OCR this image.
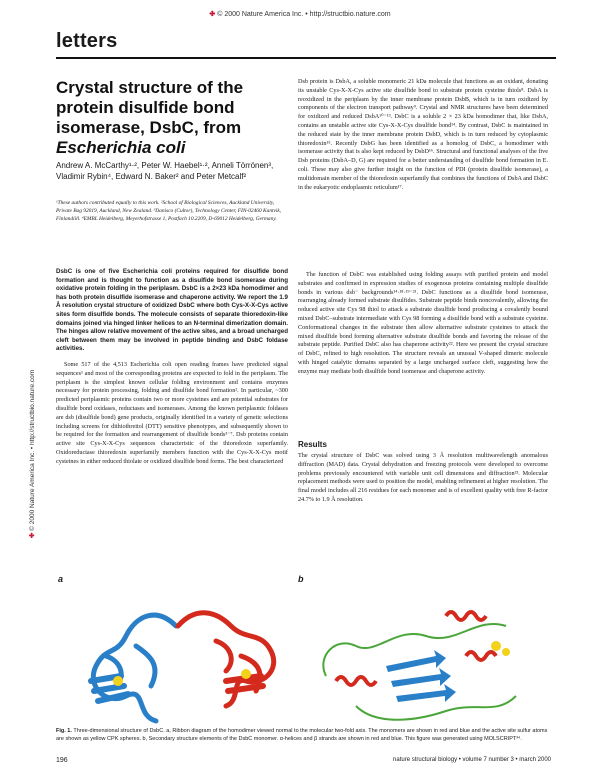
✤ © 2000 Nature America Inc. • http://structbio.nature.com
letters
✤ © 2000 Nature America Inc. • http://structbio.nature.com
Crystal structure of the protein disulfide bond isomerase, DsbC, from Escherichia coli
Andrew A. McCarthy¹·², Peter W. Haebel¹·², Anneli Törrönen³, Vladimir Rybin⁴, Edward N. Baker² and Peter Metcalf²
¹These authors contributed equally to this work. ²School of Biological Sciences, Auckland University, Private Bag 92019, Auckland, New Zealand. ³Danisco (Cultor), Technology Center, FIN-02460 Kantvik, Finlandiill. ⁴EMBL Heidelberg, Meyerhofstrasse 1, Postfach 10.2209, D-69012 Heidelberg, Germany.
DsbC is one of five Escherichia coli proteins required for disulfide bond formation and is thought to function as a disulfide bond isomerase during oxidative protein folding in the periplasm. DsbC is a 2×23 kDa homodimer and has both protein disulfide isomerase and chaperone activity. We report the 1.9 Å resolution crystal structure of oxidized DsbC where both Cys-X-X-Cys active sites form disulfide bonds. The molecule consists of separate thioredoxin-like domains joined via hinged linker helices to an N-terminal dimerization domain. The hinges allow relative movement of the active sites, and a broad uncharged cleft between them may be involved in peptide binding and DsbC foldase activities.
Some 517 of the 4,513 Escherichia coli open reading frames have predicted signal sequences¹ and most of the corresponding proteins are expected to fold in the periplasm. The periplasm is the simplest known cellular folding environment and contains enzymes necessary for protein processing, folding and disulfide bond formation². In particular, ~300 predicted periplasmic proteins contain two or more cysteines and are potential substrates for disulfide bond oxidases, reductases and isomerases. Among the known periplasmic foldases are dsb (disulfide bond) gene products, originally identified in a variety of genetic selections including screens for dithiothreitol (DTT) sensitive phenotypes, and subsequently shown to be required for the formation and rearrangement of disulfide bonds³⁻⁷. Dsb proteins contain active site Cys-X-X-Cys sequences characteristic of the thioredoxin superfamily. Oxidoreductase thioredoxin superfamily members function with the Cys-X-X-Cys motif cysteines in either reduced thiolate or oxidized disulfide bond forms. The best characterized
Dsb protein is DsbA, a soluble monomeric 21 kDa molecule that functions as an oxidant, donating its unstable Cys-X-X-Cys active site disulfide bond to substrate protein cysteine thiols⁸. DsbA is reoxidized in the periplasm by the inner membrane protein DsbB, which is in turn oxidized by components of the electron transport pathway⁹. Crystal and NMR structures have been determined for oxidized and reduced DsbA¹⁰⁻¹³. DsbC is a soluble 2 × 23 kDa homodimer that, like DsbA, contains an unstable active site Cys-X-X-Cys disulfide bond¹⁴. By contrast, DsbC is maintained in the reduced state by the inner membrane protein DsbD, which is in turn reduced by cytoplasmic thioredoxin¹⁵. Recently DsbG has been identified as a homolog of DsbC, a homodimer with isomerase activity that is also kept reduced by DsbD¹⁶. Structural and functional analyses of the five Dsb proteins (DsbA–D, G) are required for a better understanding of disulfide bond formation in E. coli. These may also give further insight on the function of PDI (protein disulfide isomerase), a multidomain member of the thioredoxin superfamily that combines the functions of DsbA and DsbC in the eukaryotic endoplasmic reticulum¹⁷.
The function of DsbC was established using folding assays with purified protein and model substrates and confirmed in expression studies of exogenous proteins containing multiple disulfide bonds in various dsb⁻ backgrounds¹⁴·¹⁸·¹⁹⁻²¹. DsbC functions as a disulfide bond isomerase, rearranging already formed substrate disulfides. Substrate peptide binds noncovalently, allowing the reduced active site Cys 98 thiol to attack a substrate disulfide bond producing a covalently bound mixed DsbC–substrate intermediate with Cys 98 forming a disulfide bond with a substrate cysteine. Conformational changes in the substrate then allow alternative substrate cysteines to attack the mixed disulfide bond forming alternative substrate disulfide bonds and favoring the release of the substrate peptide. Purified DsbC also has chaperone activity²². Here we present the crystal structure of DsbC, refined to high resolution. The structure reveals an unusual V-shaped dimeric molecule with hinged catalytic domains separated by a large uncharged surface cleft, suggesting how the enzyme may mediate both disulfide bond isomerase and chaperone activity.
Results
The crystal structure of DsbC was solved using 3 Å resolution multiwavelength anomalous diffraction (MAD) data. Crystal dehydration and freezing protocols were developed to overcome problems previously encountered with variable unit cell dimensions and diffraction²³. Molecular replacement methods were used to position the model, enabling refinement at higher resolution. The final model includes all 216 residues for each monomer and is of excellent quality with free R-factor 24.7% to 1.9 Å resolution.
a	b
Fig. 1. Three-dimensional structure of DsbC. a, Ribbon diagram of the homodimer viewed normal to the molecular two-fold axis. The monomers are shown in red and blue and the active site sulfur atoms are shown as yellow CPK spheres. b, Secondary structure elements of the DsbC monomer. α-helices and β strands are shown in red and blue. This figure was generated using MOLSCRIPT³⁴.
196	nature structural biology • volume 7 number 3 • march 2000
